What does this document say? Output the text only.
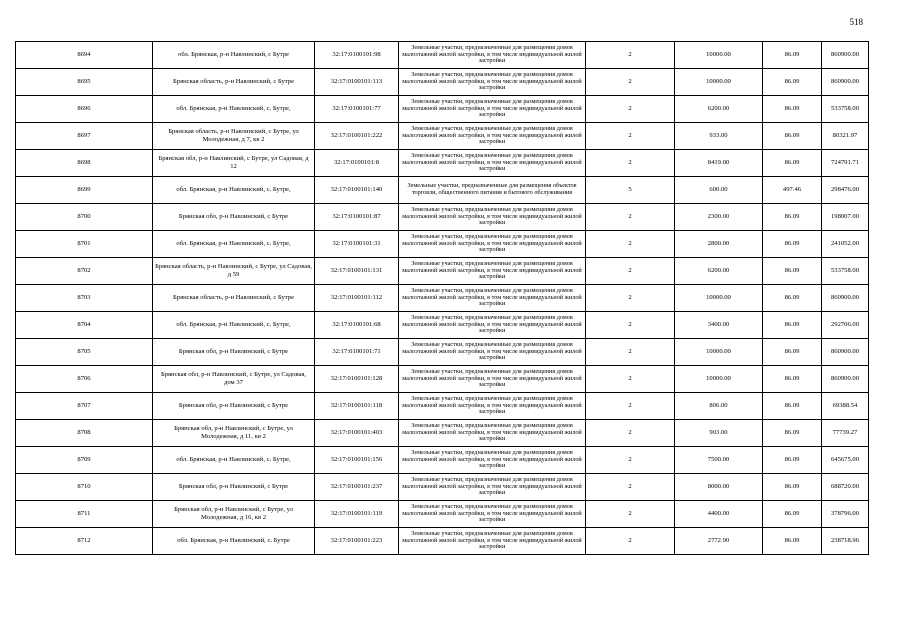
518
8694	обл. Брянская, р-н Навлинский, с Бутре	32:17:0100101:98	Земельные участки, предназначенные для размещения домов малоэтажной жилой застройки, в том числе индивидуальной жилой застройки	2	10000.00	86.09	860900.00
8695	Брянская область, р-н Навлинский, с Бутре	32:17:0100101:113	Земельные участки, предназначенные для размещения домов малоэтажной жилой застройки, в том числе индивидуальной жилой застройки	2	10000.00	86.09	860900.00
8696	обл. Брянская, р-н Навлинский, с. Бутре,	32:17:0100101:77	Земельные участки, предназначенные для размещения домов малоэтажной жилой застройки, в том числе индивидуальной жилой застройки	2	6200.00	86.09	533758.00
8697	Брянская область, р-н Навлинский, с Бутре, ул Молодежная, д 7, кв 2	32:17:0100101:222	Земельные участки, предназначенные для размещения домов малоэтажной жилой застройки, в том числе индивидуальной жилой застройки	2	933.00	86.09	80321.97
8698	Брянская обл, р-н Навлинский, с Бутре, ул Садовая, д 12	32:17:0100101:8	Земельные участки, предназначенные для размещения домов малоэтажной жилой застройки, в том числе индивидуальной жилой застройки	2	8419.00	86.09	724791.71
8699	обл. Брянская, р-н Навлинский, с. Бутре,	32:17:0100101:140	Земельные участки, предназначенные для размещения объектов торговли, общественного питания и бытового обслуживания	5	600.00	497.46	298476.00
8700	Брянская обл, р-н Навлинский, с Бутре	32:17:0100101:87	Земельные участки, предназначенные для размещения домов малоэтажной жилой застройки, в том числе индивидуальной жилой застройки	2	2300.00	86.09	198007.00
8701	обл. Брянская, р-н Навлинский, с. Бутре,	32:17:0100101:31	Земельные участки, предназначенные для размещения домов малоэтажной жилой застройки, в том числе индивидуальной жилой застройки	2	2800.00	86.09	241052.00
8702	Брянская область, р-н Навлинский, с Бутре, ул Садовая, д 59	32:17:0100101:131	Земельные участки, предназначенные для размещения домов малоэтажной жилой застройки, в том числе индивидуальной жилой застройки	2	6200.00	86.09	533758.00
8703	Брянская область, р-н Навлинский, с Бутре	32:17:0100101:112	Земельные участки, предназначенные для размещения домов малоэтажной жилой застройки, в том числе индивидуальной жилой застройки	2	10000.00	86.09	860900.00
8704	обл. Брянская, р-н Навлинский, с. Бутре,	32:17:0100101:68	Земельные участки, предназначенные для размещения домов малоэтажной жилой застройки, в том числе индивидуальной жилой застройки	2	3400.00	86.09	292706.00
8705	Брянская обл, р-н Навлинский, с Бутре	32:17:0100101:71	Земельные участки, предназначенные для размещения домов малоэтажной жилой застройки, в том числе индивидуальной жилой застройки	2	10000.00	86.09	860900.00
8706	Брянская обл, р-н Навлинский, с Бутре, ул Садовая, дом 37	32:17:0100101:128	Земельные участки, предназначенные для размещения домов малоэтажной жилой застройки, в том числе индивидуальной жилой застройки	2	10000.00	86.09	860900.00
8707	Брянская обл, р-н Навлинский, с Бутре	32:17:0100101:118	Земельные участки, предназначенные для размещения домов малоэтажной жилой застройки, в том числе индивидуальной жилой застройки	2	806.00	86.09	69388.54
8708	Брянская обл, р-н Навлинский, с Бутре, ул Молодежная, д 11, кв 2	32:17:0100101:403	Земельные участки, предназначенные для размещения домов малоэтажной жилой застройки, в том числе индивидуальной жилой застройки	2	903.00	86.09	77739.27
8709	обл. Брянская, р-н Навлинский, с. Бутре,	32:17:0100101:156	Земельные участки, предназначенные для размещения домов малоэтажной жилой застройки, в том числе индивидуальной жилой застройки	2	7500.00	86.09	645675.00
8710	Брянская обл, р-н Навлинский, с Бутре	32:17:0100101:237	Земельные участки, предназначенные для размещения домов малоэтажной жилой застройки, в том числе индивидуальной жилой застройки	2	8000.00	86.09	688720.00
8711	Брянская обл, р-н Навлинский, с Бутре, ул Молодежная, д 16, кв 2	32:17:0100101:119	Земельные участки, предназначенные для размещения домов малоэтажной жилой застройки, в том числе индивидуальной жилой застройки	2	4400.00	86.09	378796.00
8712	обл. Брянская, р-н Навлинский, с. Бутре	32:17:0100101:223	Земельные участки, предназначенные для размещения домов малоэтажной жилой застройки, в том числе индивидуальной жилой застройки	2	2772.90	86.09	238718.96
